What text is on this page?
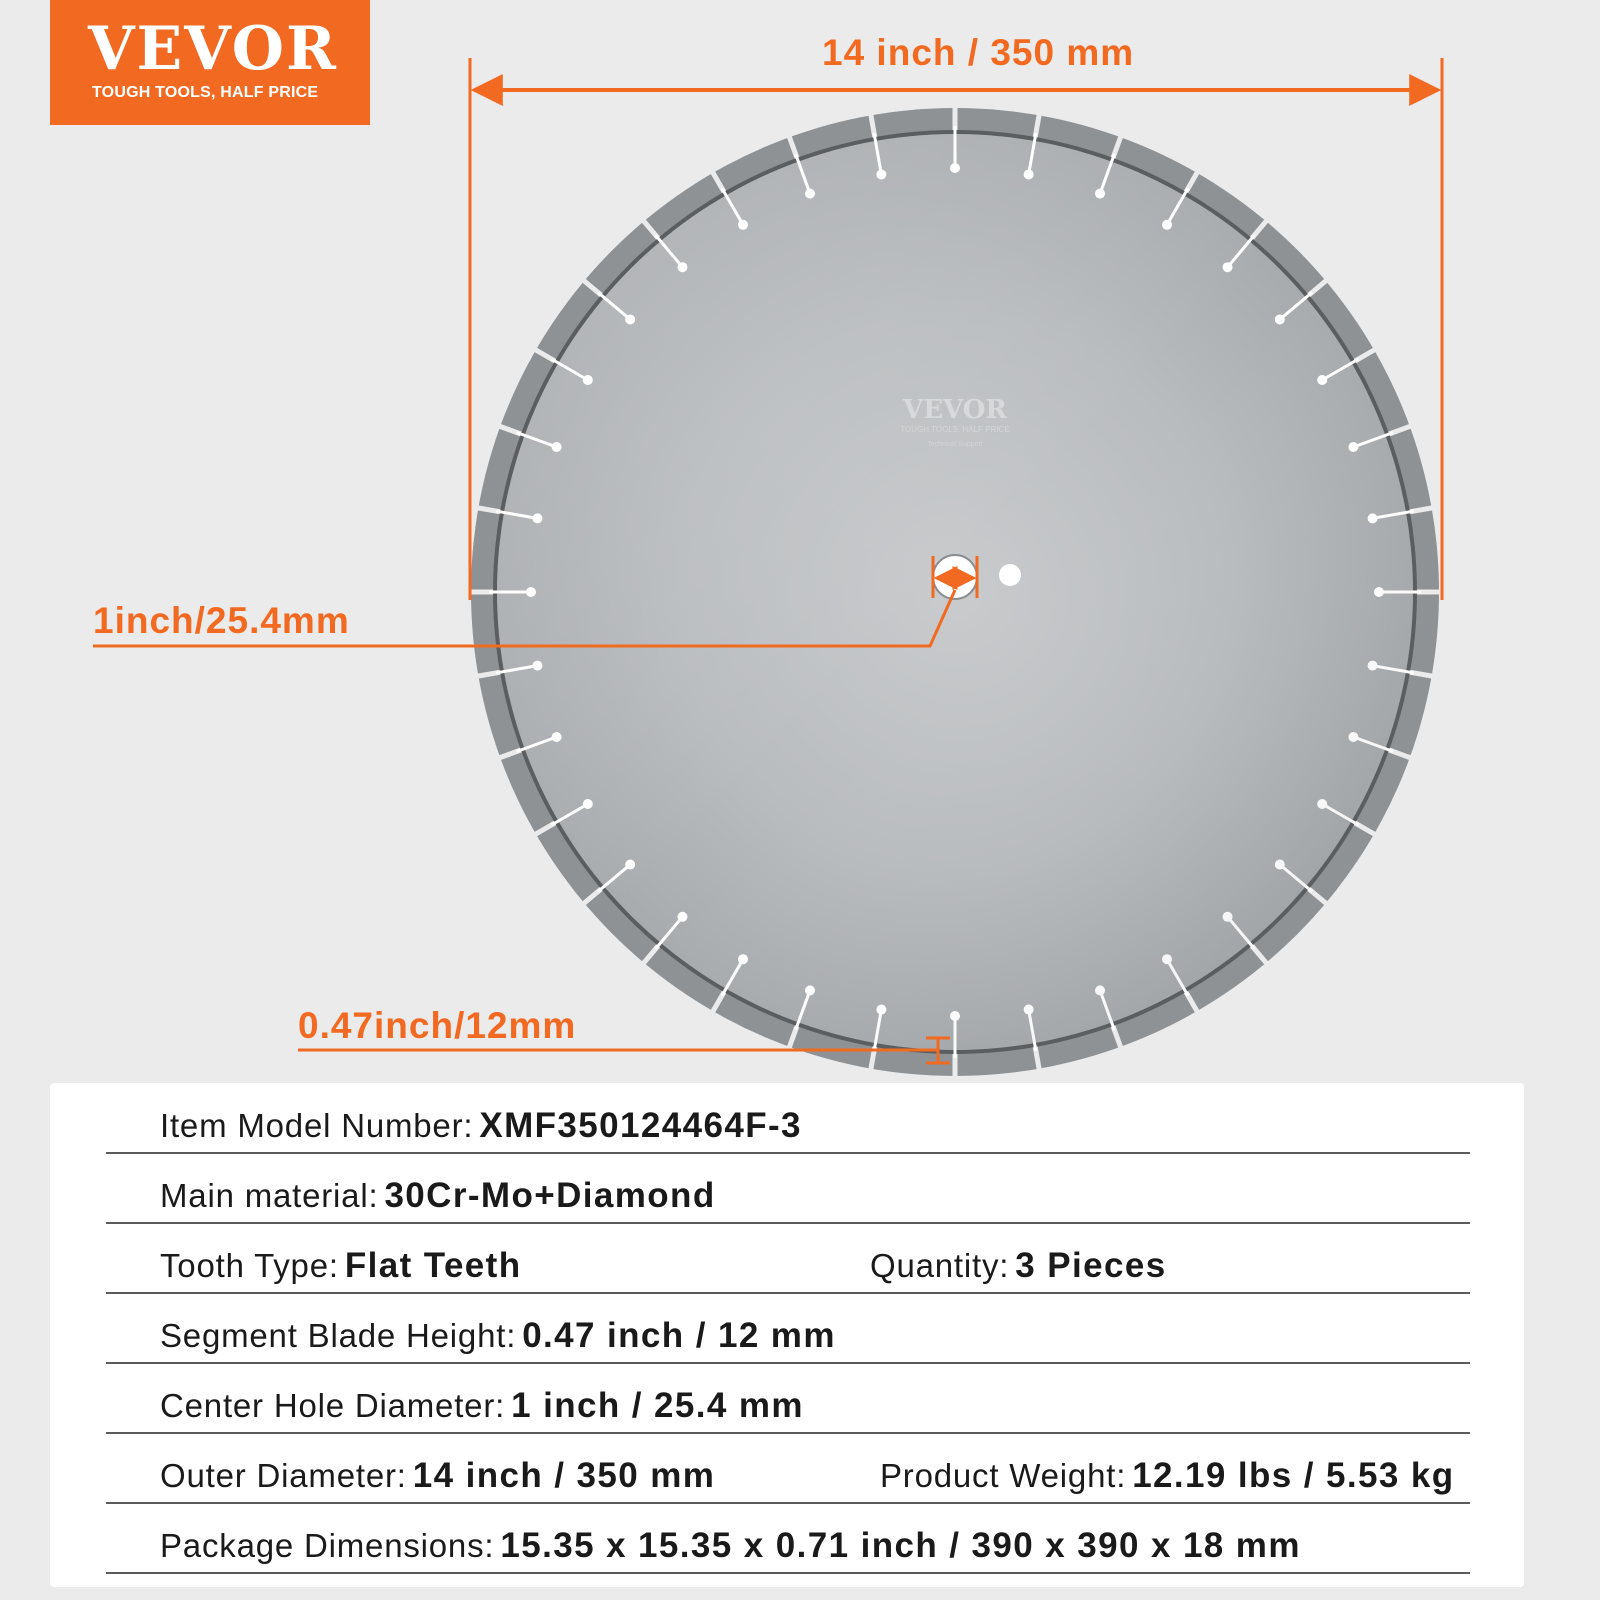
VEVOR
TOUGH TOOLS, HALF PRICE
VEVOR
TOUGH TOOLS, HALF PRICE
Technical Support
14 inch / 350 mm
1inch/25.4mm
0.47inch/12mm
Item Model Number: XMF350124464F-3
Main material: 30Cr-Mo+Diamond
Tooth Type: Flat Teeth	Quantity: 3 Pieces
Segment Blade Height: 0.47 inch / 12 mm
Center Hole Diameter: 1 inch / 25.4 mm
Outer Diameter: 14 inch / 350 mm	Product Weight: 12.19 lbs / 5.53 kg
Package Dimensions: 15.35 x 15.35 x 0.71 inch / 390 x 390 x 18 mm
